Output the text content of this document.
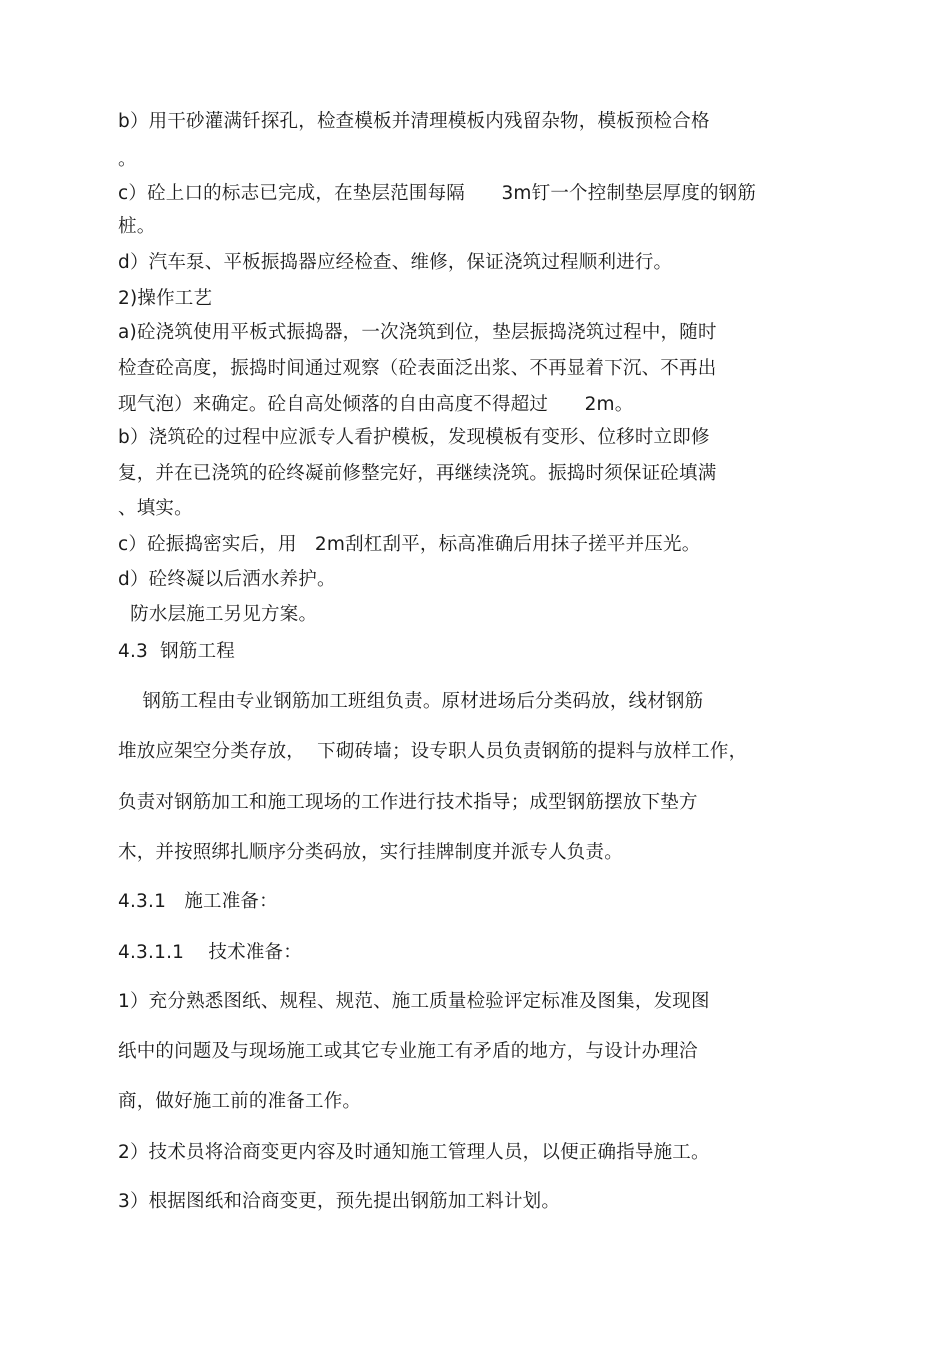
b）用干砂灌满钎探孔，检查模板并清理模板内残留杂物，模板预检合格
。
c）砼上口的标志已完成，在垫层范围每隔      3m钉一个控制垫层厚度的钢筋
桩。
d）汽车泵、平板振捣器应经检查、维修，保证浇筑过程顺利进行。
2)操作工艺
a)砼浇筑使用平板式振捣器，一次浇筑到位，垫层振捣浇筑过程中，随时
检查砼高度，振捣时间通过观察（砼表面泛出浆、不再显着下沉、不再出
现气泡）来确定。砼自高处倾落的自由高度不得超过      2m。
b）浇筑砼的过程中应派专人看护模板，发现模板有变形、位移时立即修
复，并在已浇筑的砼终凝前修整完好，再继续浇筑。振捣时须保证砼填满
、填实。
c）砼振捣密实后，用   2m刮杠刮平，标高准确后用抹子搓平并压光。
d）砼终凝以后洒水养护。
防水层施工另见方案。
4.3  钢筋工程
钢筋工程由专业钢筋加工班组负责。原材进场后分类码放，线材钢筋
堆放应架空分类存放，  下砌砖墙；设专职人员负责钢筋的提料与放样工作，
负责对钢筋加工和施工现场的工作进行技术指导；成型钢筋摆放下垫方
木，并按照绑扎顺序分类码放，实行挂牌制度并派专人负责。
4.3.1   施工准备：
4.3.1.1    技术准备：
1）充分熟悉图纸、规程、规范、施工质量检验评定标准及图集，发现图
纸中的问题及与现场施工或其它专业施工有矛盾的地方，与设计办理洽
商，做好施工前的准备工作。
2）技术员将洽商变更内容及时通知施工管理人员，以便正确指导施工。
3）根据图纸和洽商变更，预先提出钢筋加工料计划。
